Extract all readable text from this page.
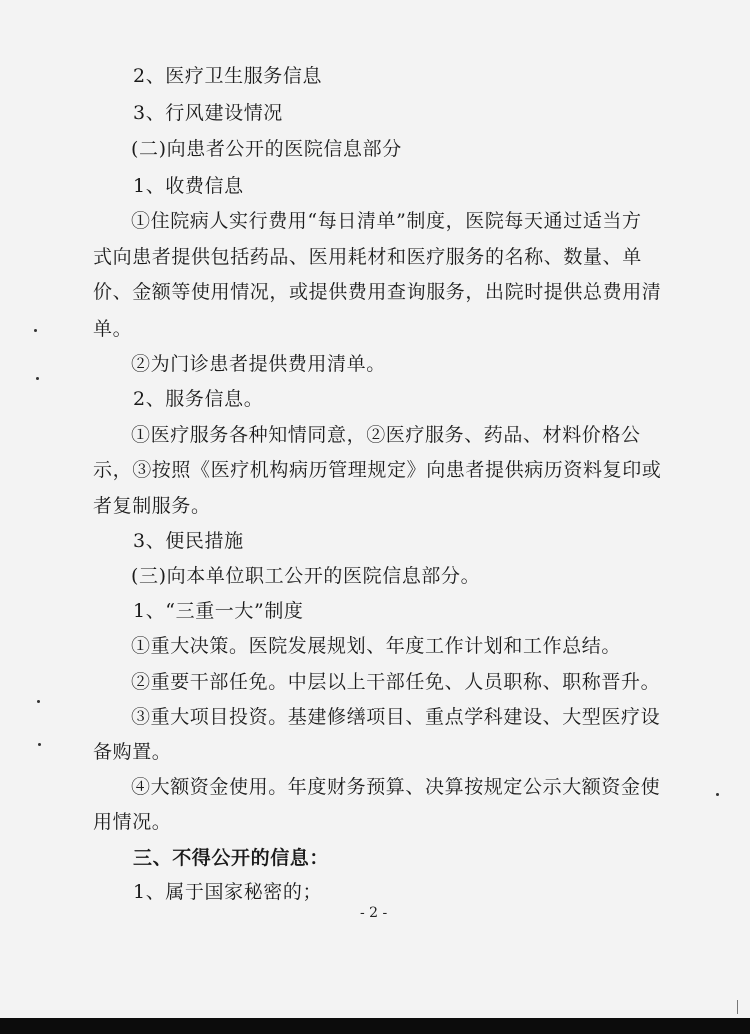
2、医疗卫生服务信息
3、行风建设情况
(二)向患者公开的医院信息部分
1、收费信息
①住院病人实行费用“每日清单”制度，医院每天通过适当方
式向患者提供包括药品、医用耗材和医疗服务的名称、数量、单
价、金额等使用情况，或提供费用查询服务，出院时提供总费用清
单。
②为门诊患者提供费用清单。
2、服务信息。
①医疗服务各种知情同意，②医疗服务、药品、材料价格公
示，③按照《医疗机构病历管理规定》向患者提供病历资料复印或
者复制服务。
3、便民措施
(三)向本单位职工公开的医院信息部分。
1、“三重一大”制度
①重大决策。医院发展规划、年度工作计划和工作总结。
②重要干部任免。中层以上干部任免、人员职称、职称晋升。
③重大项目投资。基建修缮项目、重点学科建设、大型医疗设
备购置。
④大额资金使用。年度财务预算、决算按规定公示大额资金使
用情况。
三、不得公开的信息：
1、属于国家秘密的；
- 2 -
